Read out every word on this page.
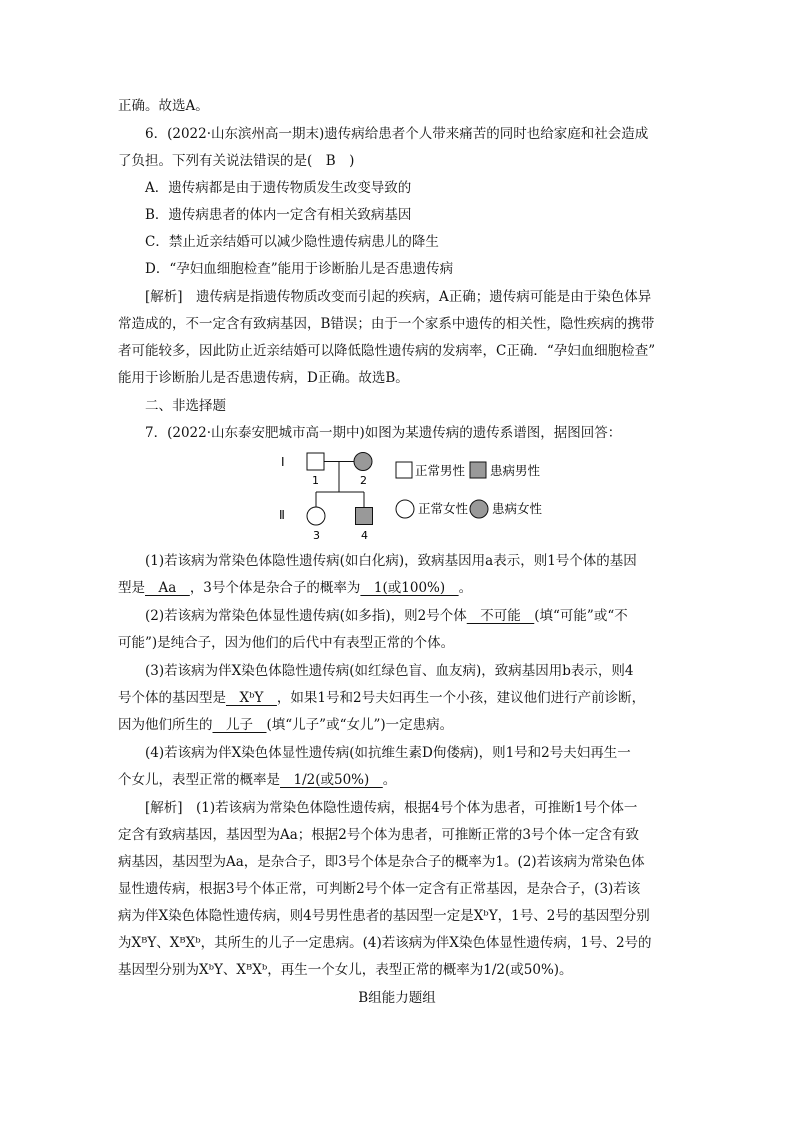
正确。故选A。
6．(2022·山东滨州高一期末)遗传病给患者个人带来痛苦的同时也给家庭和社会造成
了负担。下列有关说法错误的是(　B　)
A．遗传病都是由于遗传物质发生改变导致的
B．遗传病患者的体内一定含有相关致病基因
C．禁止近亲结婚可以减少隐性遗传病患儿的降生
D．“孕妇血细胞检查”能用于诊断胎儿是否患遗传病
[解析]　遗传病是指遗传物质改变而引起的疾病，A正确；遗传病可能是由于染色体异
常造成的，不一定含有致病基因，B错误；由于一个家系中遗传的相关性，隐性疾病的携带
者可能较多，因此防止近亲结婚可以降低隐性遗传病的发病率，C正确．“孕妇血细胞检查”
能用于诊断胎儿是否患遗传病，D正确。故选B。
二、非选择题
7．(2022·山东泰安肥城市高一期中)如图为某遗传病的遗传系谱图，据图回答：
I
Ⅱ
1	2
3	4
正常男性 患病男性
正常女性 患病女性
(1)若该病为常染色体隐性遗传病(如白化病)，致病基因用a表示，则1号个体的基因
型是　Aa　，3号个体是杂合子的概率为　1(或100%)　。
(2)若该病为常染色体显性遗传病(如多指)，则2号个体　不可能　(填“可能”或“不
可能”)是纯合子，因为他们的后代中有表型正常的个体。
(3)若该病为伴X染色体隐性遗传病(如红绿色盲、血友病)，致病基因用b表示，则4
号个体的基因型是　XᵇY　，如果1号和2号夫妇再生一个小孩，建议他们进行产前诊断，
因为他们所生的　儿子　(填“儿子”或“女儿”)一定患病。
(4)若该病为伴X染色体显性遗传病(如抗维生素D佝偻病)，则1号和2号夫妇再生一
个女儿，表型正常的概率是　1/2(或50%)　。
[解析]　(1)若该病为常染色体隐性遗传病，根据4号个体为患者，可推断1号个体一
定含有致病基因，基因型为Aa；根据2号个体为患者，可推断正常的3号个体一定含有致
病基因，基因型为Aa，是杂合子，即3号个体是杂合子的概率为1。(2)若该病为常染色体
显性遗传病，根据3号个体正常，可判断2号个体一定含有正常基因，是杂合子，(3)若该
病为伴X染色体隐性遗传病，则4号男性患者的基因型一定是XᵇY，1号、2号的基因型分别
为XᴮY、XᴮXᵇ，其所生的儿子一定患病。(4)若该病为伴X染色体显性遗传病，1号、2号的
基因型分别为XᵇY、XᴮXᵇ，再生一个女儿，表型正常的概率为1/2(或50%)。
B组能力题组
